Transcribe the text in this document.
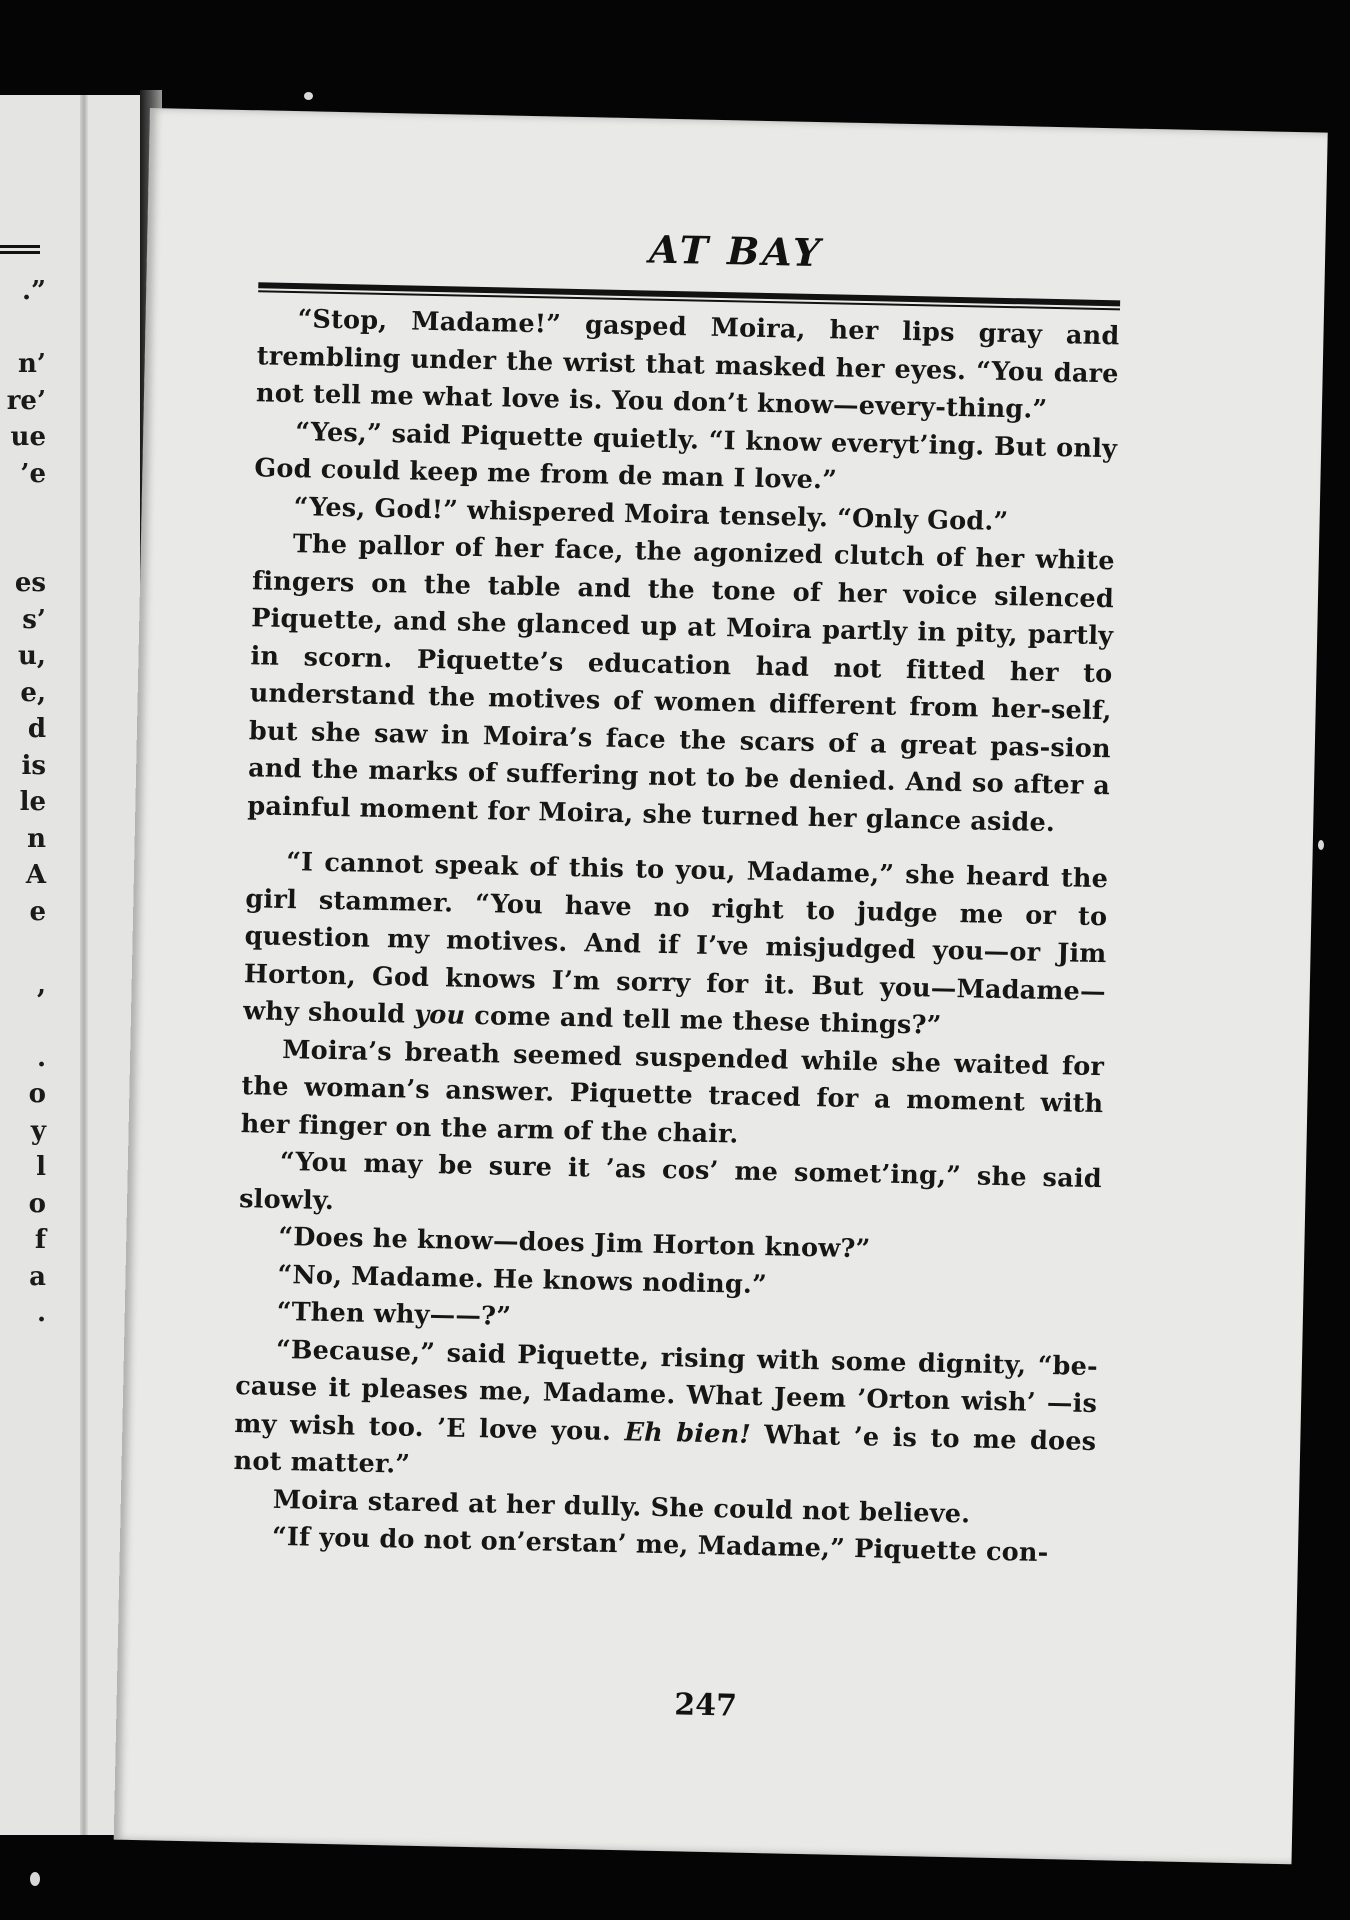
.”
n’
re’
ue
’e
es
s’
u,
e,
d
is
le
n
A
e
,
.
o
y
l
o
f
a
.
AT BAY

“Stop, Madame!” gasped Moira, her lips gray and trembling under the wrist that masked her eyes. “You dare not tell me what love is. You don’t know—every-thing.”

“Yes,” said Piquette quietly. “I know everyt’ing. But only God could keep me from de man I love.”

“Yes, God!” whispered Moira tensely. “Only God.”

The pallor of her face, the agonized clutch of her white fingers on the table and the tone of her voice silenced Piquette, and she glanced up at Moira partly in pity, partly in scorn. Piquette’s education had not fitted her to understand the motives of women different from her-self, but she saw in Moira’s face the scars of a great pas-sion and the marks of suffering not to be denied. And so after a painful moment for Moira, she turned her glance aside.

“I cannot speak of this to you, Madame,” she heard the girl stammer. “You have no right to judge me or to question my motives. And if I’ve misjudged you—or Jim Horton, God knows I’m sorry for it. But you—Madame—why should you come and tell me these things?”

Moira’s breath seemed suspended while she waited for the woman’s answer. Piquette traced for a moment with her finger on the arm of the chair.

“You may be sure it ’as cos’ me somet’ing,” she said slowly.

“Does he know—does Jim Horton know?”

“No, Madame. He knows noding.”

“Then why——?”

“Because,” said Piquette, rising with some dignity, “be-cause it pleases me, Madame. What Jeem ’Orton wish’ —is my wish too. ’E love you. Eh bien! What ’e is to me does not matter.”

Moira stared at her dully. She could not believe.

“If you do not on’erstan’ me, Madame,” Piquette con-

247
